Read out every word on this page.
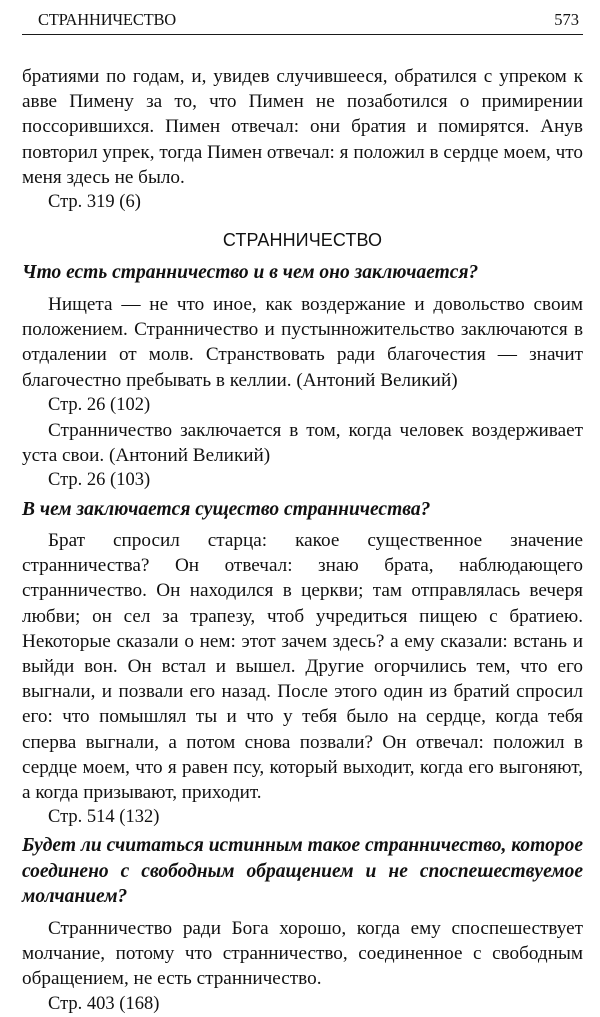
СТРАННИЧЕСТВО	573

братиями по годам, и, увидев случившееся, обратился с упреком к авве Пимену за то, что Пимен не позаботился о примирении поссорившихся. Пимен отвечал: они братия и помирятся. Анув повторил упрек, тогда Пимен отвечал: я положил в сердце моем, что меня здесь не было.

Стр. 319 (6)

СТРАННИЧЕСТВО
Что есть странничество и в чем оно заключается?

Нищета — не что иное, как воздержание и довольство своим положением. Странничество и пустынножительство заключаются в отдалении от молв. Странствовать ради благочестия — значит благочестно пребывать в келлии. (Антоний Великий)

Стр. 26 (102)

Странничество заключается в том, когда человек воздерживает уста свои. (Антоний Великий)

Стр. 26 (103)

В чем заключается существо странничества?

Брат спросил старца: какое существенное значение странничества? Он отвечал: знаю брата, наблюдающего странничество. Он находился в церкви; там отправлялась вечеря любви; он сел за трапезу, чтоб учредиться пищею с братиею. Некоторые сказали о нем: этот зачем здесь? а ему сказали: встань и выйди вон. Он встал и вышел. Другие огорчились тем, что его выгнали, и позвали его назад. После этого один из братий спросил его: что помышлял ты и что у тебя было на сердце, когда тебя сперва выгнали, а потом снова позвали? Он отвечал: положил в сердце моем, что я равен псу, который выходит, когда его выгоняют, а когда призывают, приходит.

Стр. 514 (132)

Будет ли считаться истинным такое странничество, которое соединено с свободным обращением и не споспешествуемое молчанием?

Странничество ради Бога хорошо, когда ему споспешествует молчание, потому что странничество, соединенное с свободным обращением, не есть странничество.

Стр. 403 (168)
